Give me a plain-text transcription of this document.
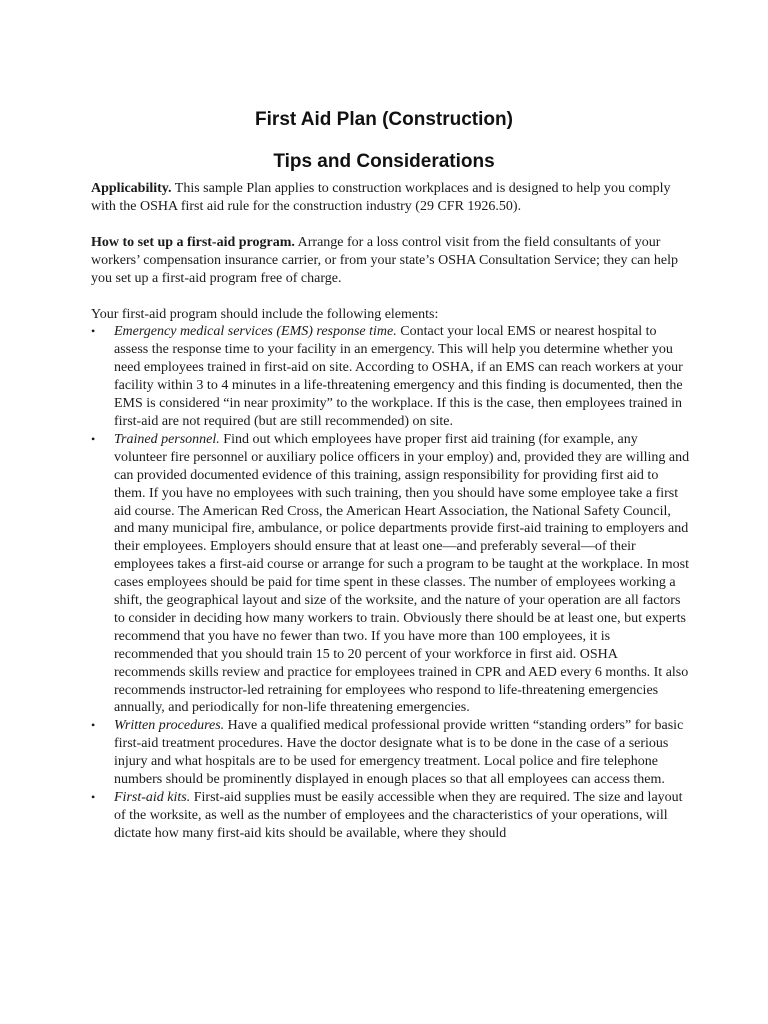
First Aid Plan (Construction)
Tips and Considerations

Applicability. This sample Plan applies to construction workplaces and is designed to help you comply with the OSHA first aid rule for the construction industry (29 CFR 1926.50).

How to set up a first-aid program. Arrange for a loss control visit from the field consultants of your workers’ compensation insurance carrier, or from your state’s OSHA Consultation Service; they can help you set up a first-aid program free of charge.

Your first-aid program should include the following elements:

• Emergency medical services (EMS) response time. Contact your local EMS or nearest hospital to assess the response time to your facility in an emergency. This will help you determine whether you need employees trained in first-aid on site. According to OSHA, if an EMS can reach workers at your facility within 3 to 4 minutes in a life-threatening emergency and this finding is documented, then the EMS is considered “in near proximity” to the workplace. If this is the case, then employees trained in first-aid are not required (but are still recommended) on site.
• Trained personnel. Find out which employees have proper first aid training (for example, any volunteer fire personnel or auxiliary police officers in your employ) and, provided they are willing and can provided documented evidence of this training, assign responsibility for providing first aid to them. If you have no employees with such training, then you should have some employee take a first aid course. The American Red Cross, the American Heart Association, the National Safety Council, and many municipal fire, ambulance, or police departments provide first-aid training to employers and their employees. Employers should ensure that at least one—and preferably several—of their employees takes a first-aid course or arrange for such a program to be taught at the workplace. In most cases employees should be paid for time spent in these classes. The number of employees working a shift, the geographical layout and size of the worksite, and the nature of your operation are all factors to consider in deciding how many workers to train. Obviously there should be at least one, but experts recommend that you have no fewer than two. If you have more than 100 employees, it is recommended that you should train 15 to 20 percent of your workforce in first aid. OSHA recommends skills review and practice for employees trained in CPR and AED every 6 months. It also recommends instructor-led retraining for employees who respond to life-threatening emergencies annually, and periodically for non-life threatening emergencies.
• Written procedures. Have a qualified medical professional provide written “standing orders” for basic first-aid treatment procedures. Have the doctor designate what is to be done in the case of a serious injury and what hospitals are to be used for emergency treatment. Local police and fire telephone numbers should be prominently displayed in enough places so that all employees can access them.
• First-aid kits. First-aid supplies must be easily accessible when they are required. The size and layout of the worksite, as well as the number of employees and the characteristics of your operations, will dictate how many first-aid kits should be available, where they should
